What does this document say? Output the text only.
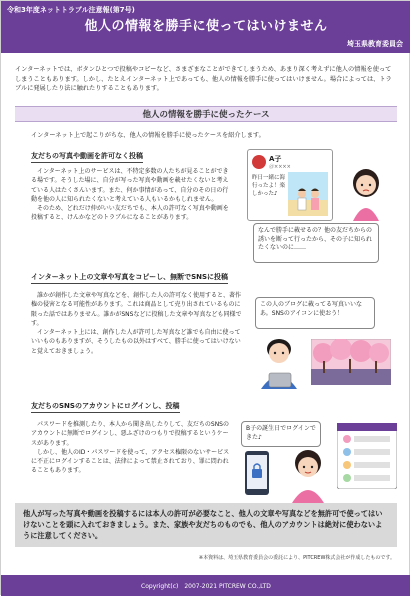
令和3年度ネットトラブル注意報(第7号)
他人の情報を勝手に使ってはいけません
埼玉県教育委員会
インターネットでは、ボタンひとつで投稿やコピーなど、さまざまなことができてしまうため、あまり深く考えずに他人の情報を使ってしまうこともあります。しかし、たとえインターネット上であっても、他人の情報を勝手に使ってはいけません。場合によっては、トラブルに発展したり法に触れたりすることもあります。
他人の情報を勝手に使ったケース
インターネット上で起こりがちな、他人の情報を勝手に使ったケースを紹介します。
友だちの写真や動画を許可なく投稿

インターネット上のサービスは、不特定多数の人たちが見ることができる場です。そうした場に、自分が写った写真や動画を載せたくないと考えている人はたくさんいます。また、何か事情があって、自分のその日の行動を他の人に知られたくないと考えている人もいるかもしれません。

そのため、どれだけ仲がいい友だちでも、本人の許可なく写真や動画を投稿すると、けんかなどのトラブルになることがあります。

A子
＠××××
昨日一緒に海行ったよ！楽しかった♪
なんで勝手に載せるの？他の友だちからの誘いを断って行ったから、その子に知られたくないのに……
インターネット上の文章や写真をコピーし、無断でSNSに投稿

誰かが創作した文章や写真などを、創作した人の許可なく使用すると、著作権の侵害となる可能性があります。これは商品として売り出されているものに限った話ではありません。誰かがSNSなどに投稿した文章や写真なども同様です。

インターネット上には、創作した人が許可した写真など誰でも自由に使っていいものもありますが、そうしたもの以外はすべて、勝手に使ってはいけないと覚えておきましょう。

この人のブログに載ってる写真いいなあ。SNSのアイコンに使おう！
友だちのSNSのアカウントにログインし、投稿

パスワードを推測したり、本人から聞き出したりして、友だちのSNSのアカウントに無断でログインし、悪ふざけのつもりで投稿するというケースがあります。

しかし、他人のID・パスワードを使って、アクセス権限のないサービスに不正にログインすることは、法律によって禁止されており、罪に問われることもあります。

B子の誕生日でログインできた♪
他人が写った写真や動画を投稿するには本人の許可が必要なこと、他人の文章や写真などを無許可で使ってはいけないことを頭に入れておきましょう。また、家族や友だちのものでも、他人のアカウントは絶対に使わないように注意してください。
※本資料は、埼玉県教育委員会の委託により、PITCREW株式会社が作成したものです。
Copyright(c)　2007-2021 PITCREW CO.,LTD
